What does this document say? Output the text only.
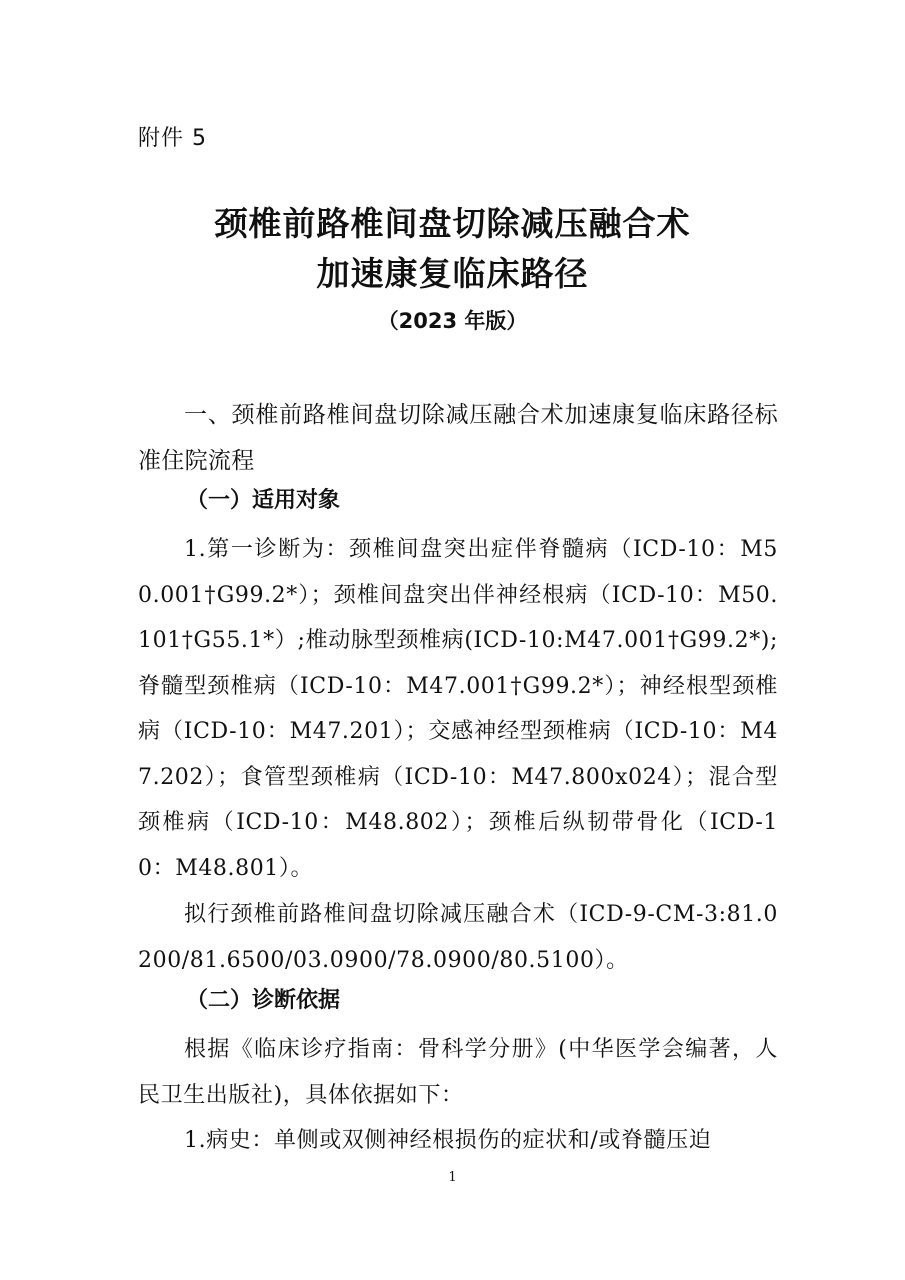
附件 5

颈椎前路椎间盘切除减压融合术
加速康复临床路径

（2023 年版）

一、颈椎前路椎间盘切除减压融合术加速康复临床路径标准住院流程

（一）适用对象

1.第一诊断为：颈椎间盘突出症伴脊髓病（ICD-10：M50.001†G99.2*）；颈椎间盘突出伴神经根病（ICD-10：M50.101†G55.1*）;椎动脉型颈椎病(ICD-10:M47.001†G99.2*);脊髓型颈椎病（ICD-10：M47.001†G99.2*）；神经根型颈椎病（ICD-10：M47.201）；交感神经型颈椎病（ICD-10：M47.202）；食管型颈椎病（ICD-10：M47.800x024）；混合型颈椎病（ICD-10：M48.802）；颈椎后纵韧带骨化（ICD-10：M48.801）。

拟行颈椎前路椎间盘切除减压融合术（ICD-9-CM-3:81.0200/81.6500/03.0900/78.0900/80.5100）。

（二）诊断依据

根据《临床诊疗指南：骨科学分册》(中华医学会编著，人民卫生出版社)，具体依据如下：

1.病史：单侧或双侧神经根损伤的症状和/或脊髓压迫

1
